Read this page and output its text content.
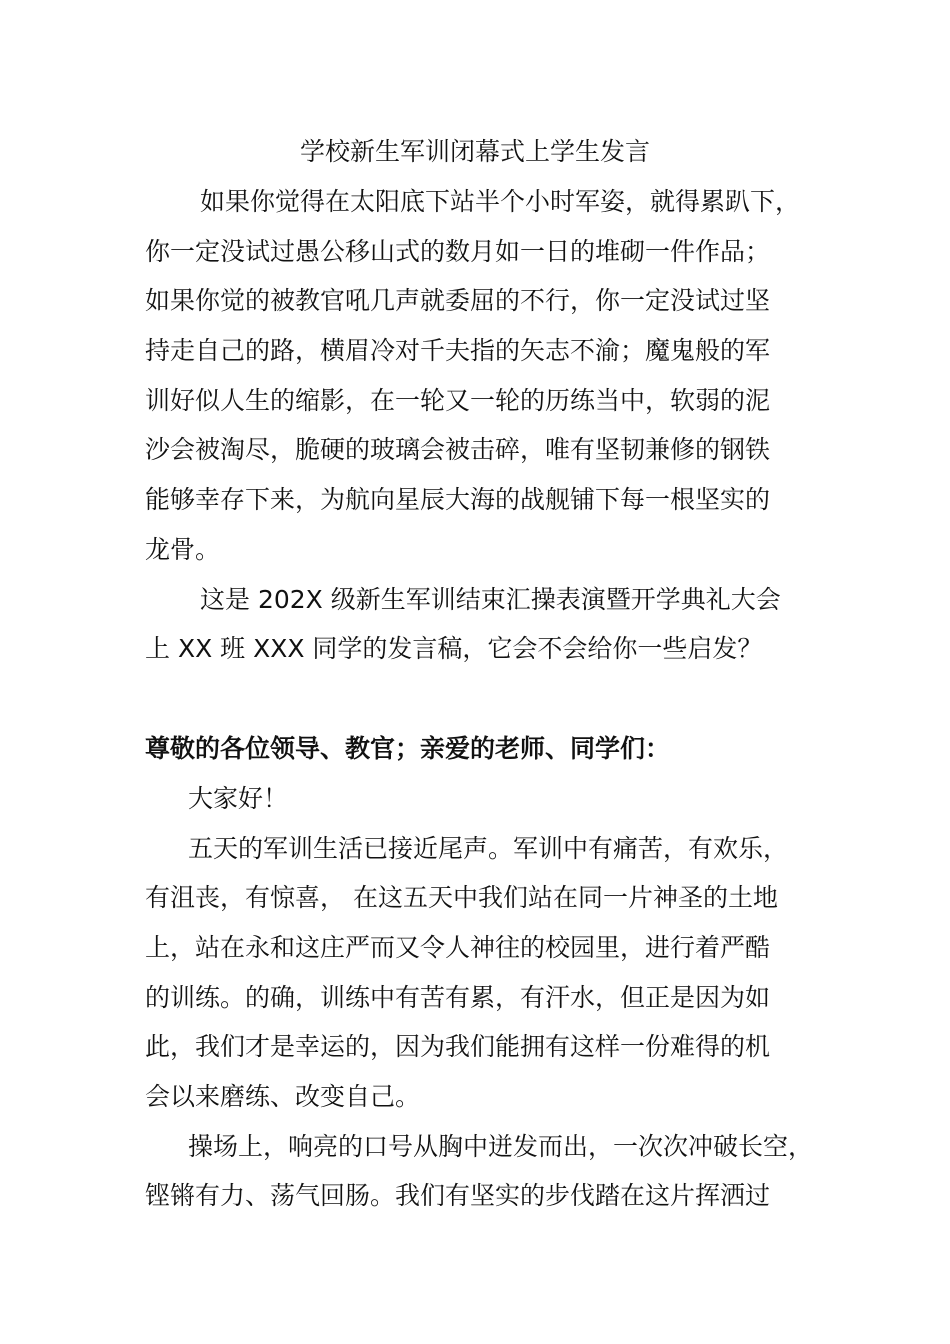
学校新生军训闭幕式上学生发言
如果你觉得在太阳底下站半个小时军姿，就得累趴下，
你一定没试过愚公移山式的数月如一日的堆砌一件作品；
如果你觉的被教官吼几声就委屈的不行，你一定没试过坚
持走自己的路，横眉冷对千夫指的矢志不渝；魔鬼般的军
训好似人生的缩影，在一轮又一轮的历练当中，软弱的泥
沙会被淘尽，脆硬的玻璃会被击碎，唯有坚韧兼修的钢铁
能够幸存下来，为航向星辰大海的战舰铺下每一根坚实的
龙骨。
这是 202X 级新生军训结束汇操表演暨开学典礼大会
上 XX 班 XXX 同学的发言稿，它会不会给你一些启发？
尊敬的各位领导、教官；亲爱的老师、同学们：
大家好！
五天的军训生活已接近尾声。军训中有痛苦，有欢乐，
有沮丧，有惊喜， 在这五天中我们站在同一片神圣的土地
上，站在永和这庄严而又令人神往的校园里，进行着严酷
的训练。的确，训练中有苦有累，有汗水，但正是因为如
此，我们才是幸运的，因为我们能拥有这样一份难得的机
会以来磨练、改变自己。
操场上，响亮的口号从胸中迸发而出，一次次冲破长空，
铿锵有力、荡气回肠。我们有坚实的步伐踏在这片挥洒过
